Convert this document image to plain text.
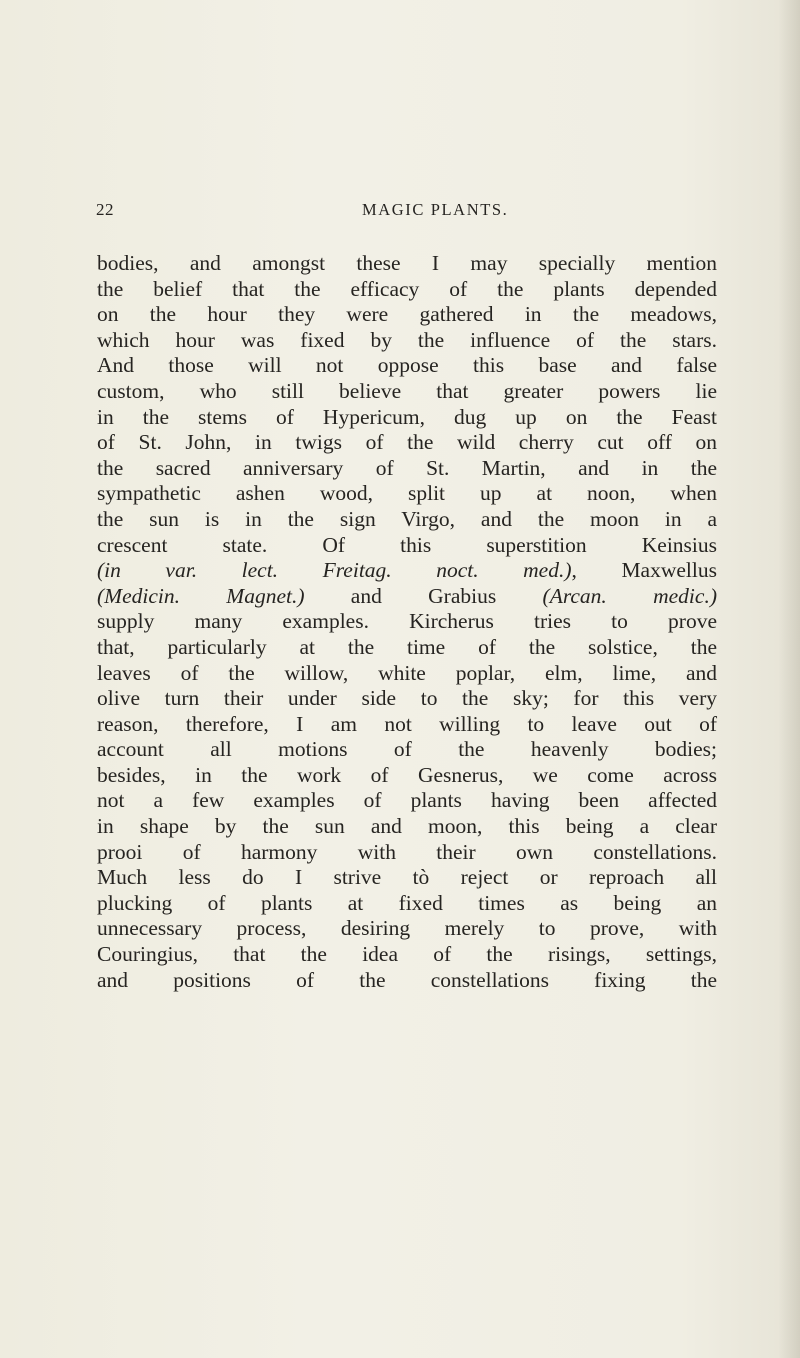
22	MAGIC PLANTS.
bodies, and amongst these I may specially mention
the belief that the efficacy of the plants depended
on the hour they were gathered in the meadows,
which hour was fixed by the influence of the stars.
And those will not oppose this base and false
custom, who still believe that greater powers lie
in the stems of Hypericum, dug up on the Feast
of St. John, in twigs of the wild cherry cut off on
the sacred anniversary of St. Martin, and in the
sympathetic ashen wood, split up at noon, when
the sun is in the sign Virgo, and the moon in a
crescent state. Of this superstition Keinsius
(in var. lect. Freitag. noct. med.), Maxwellus
(Medicin. Magnet.) and Grabius (Arcan. medic.)
supply many examples. Kircherus tries to prove
that, particularly at the time of the solstice, the
leaves of the willow, white poplar, elm, lime, and
olive turn their under side to the sky; for this very
reason, therefore, I am not willing to leave out of
account all motions of the heavenly bodies;
besides, in the work of Gesnerus, we come across
not a few examples of plants having been affected
in shape by the sun and moon, this being a clear
prooi of harmony with their own constellations.
Much less do I strive tò reject or reproach all
plucking of plants at fixed times as being an
unnecessary process, desiring merely to prove, with
Couringius, that the idea of the risings, settings,
and positions of the constellations fixing the
